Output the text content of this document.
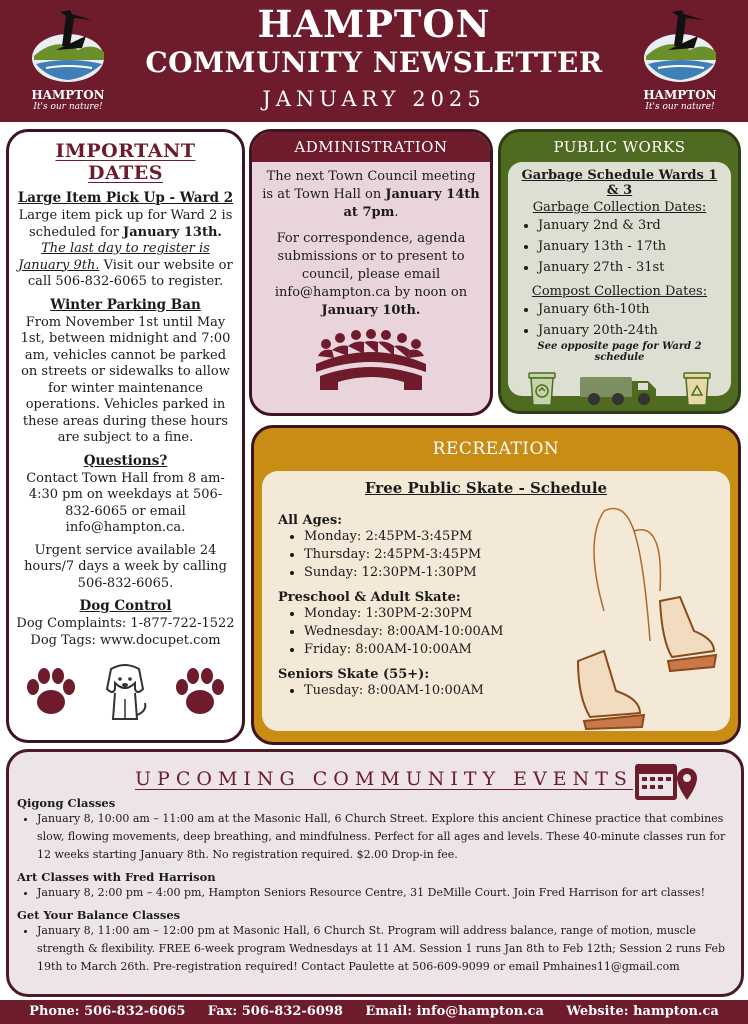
HAMPTON
It's our nature!
HAMPTON
COMMUNITY NEWSLETTER
JANUARY 2025	HAMPTON
It's our nature!
IMPORTANT DATES
Large Item Pick Up - Ward 2

Large item pick up for Ward 2 is scheduled for January 13th. The last day to register is January 9th. Visit our website or call 506-832-6065 to register.

Winter Parking Ban

From November 1st until May 1st, between midnight and 7:00 am, vehicles cannot be parked on streets or sidewalks to allow for winter maintenance operations. Vehicles parked in these areas during these hours are subject to a fine.

Questions?

Contact Town Hall from 8 am-4:30 pm on weekdays at 506-832-6065 or email info@hampton.ca.

Urgent service available 24 hours/7 days a week by calling 506-832-6065.

Dog Control

Dog Complaints: 1-877-722-1522

Dog Tags: www.docupet.com

ADMINISTRATION

The next Town Council meeting is at Town Hall on January 14th at 7pm.

For correspondence, agenda submissions or to present to council, please email info@hampton.ca by noon on January 10th.

PUBLIC WORKS
Garbage Schedule Wards 1 & 3
Garbage Collection Dates:
• January 2nd & 3rd
• January 13th - 17th
• January 27th - 31st
Compost Collection Dates:
• January 6th-10th
• January 20th-24th
See opposite page for Ward 2 schedule
RECREATION
Free Public Skate - Schedule
All Ages:
• Monday: 2:45PM-3:45PM
• Thursday: 2:45PM-3:45PM
• Sunday: 12:30PM-1:30PM
Preschool & Adult Skate:
• Monday: 1:30PM-2:30PM
• Wednesday: 8:00AM-10:00AM
• Friday: 8:00AM-10:00AM
Seniors Skate (55+):
• Tuesday: 8:00AM-10:00AM
UPCOMING COMMUNITY EVENTS
Qigong Classes
• January 8, 10:00 am – 11:00 am at the Masonic Hall, 6 Church Street. Explore this ancient Chinese practice that combines slow, flowing movements, deep breathing, and mindfulness. Perfect for all ages and levels. These 40-minute classes run for 12 weeks starting January 8th. No registration required. $2.00 Drop-in fee.
Art Classes with Fred Harrison
• January 8, 2:00 pm – 4:00 pm, Hampton Seniors Resource Centre, 31 DeMille Court. Join Fred Harrison for art classes!
Get Your Balance Classes
• January 8, 11:00 am – 12:00 pm at Masonic Hall, 6 Church St. Program will address balance, range of motion, muscle strength & flexibility. FREE 6-week program Wednesdays at 11 AM. Session 1 runs Jan 8th to Feb 12th; Session 2 runs Feb 19th to March 26th. Pre-registration required! Contact Paulette at 506-609-9099 or email Pmhaines11@gmail.com
Phone: 506-832-6065 Fax: 506-832-6098 Email: info@hampton.ca Website: hampton.ca
